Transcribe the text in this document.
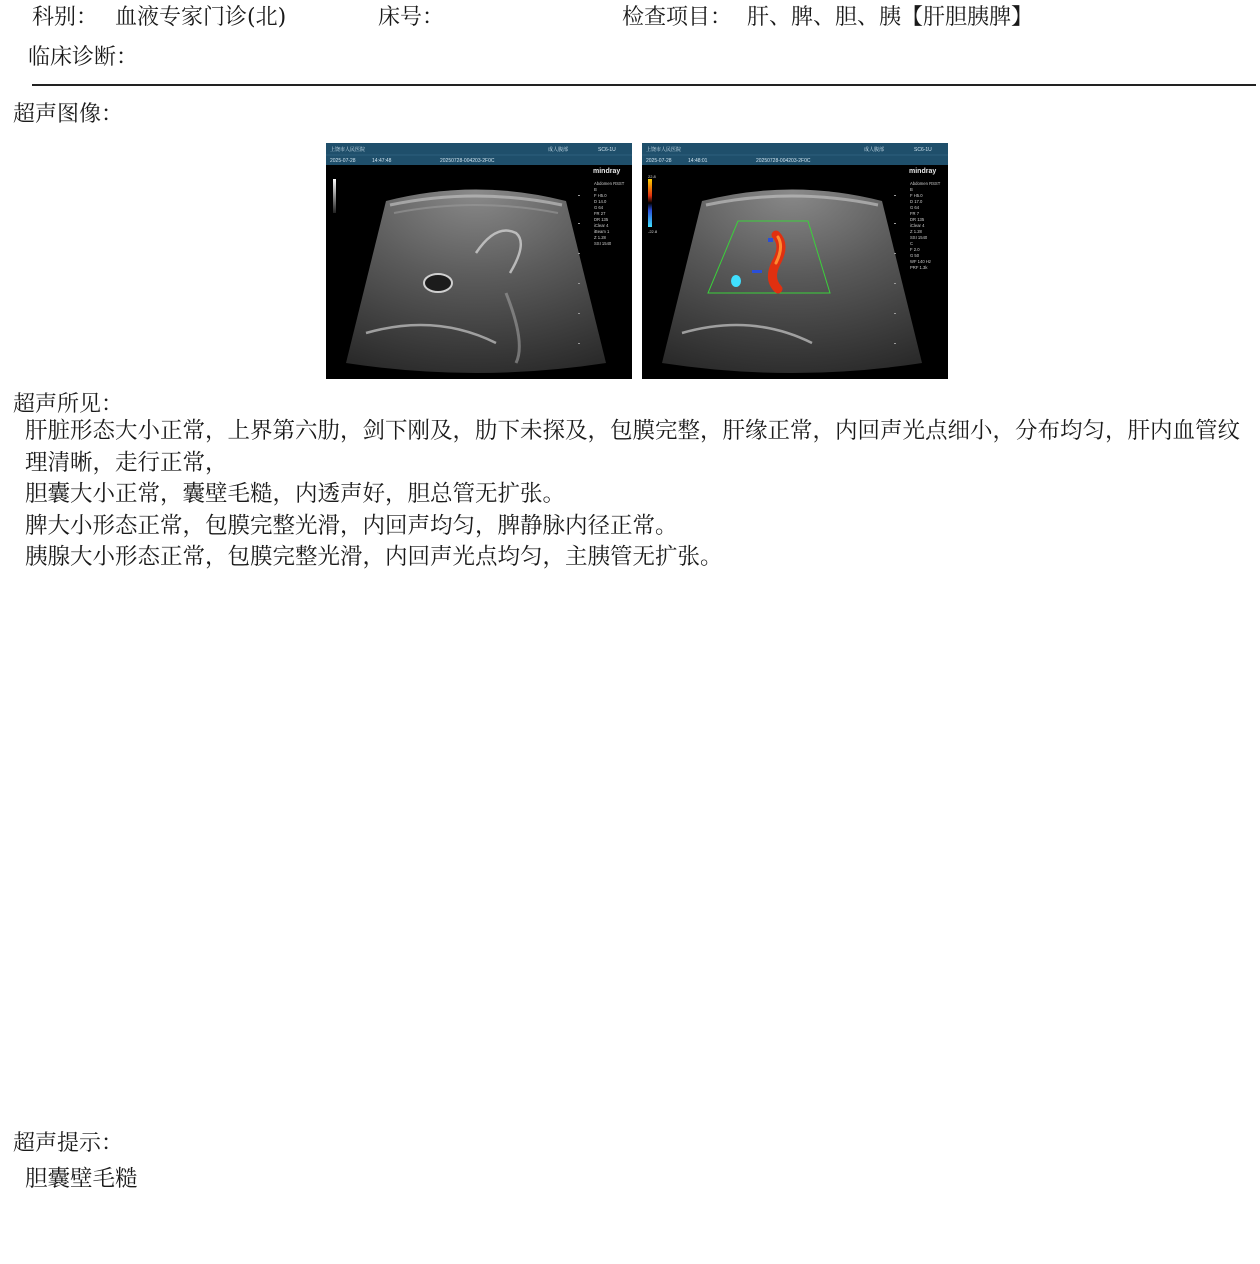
科别： 血液专家门诊(北)	床号：	检查项目： 肝、脾、胆、胰【肝胆胰脾】
临床诊断：
超声图像：
上饶市人民医院
2025-07-28	14:47:48	20250728-004203-2F0C
成人腹部	SC6-1U
mindray
Abdomen RSST B F H5.0 D 14.0 G 64 FR 27 DR 135 iClear 4 iBeam 1 Z 1.28 SSI 1540
上饶市人民医院
2025-07-28	14:48:01	20250728-004203-2F0C
成人腹部	SC6-1U
mindray
22.8
-22.8
Abdomen RSST B F H5.0 D 17.0 G 64 FR 7 DR 135 iClear 4 Z 1.28 SSI 1540 C F 2.0 G 50 WF 140 Hz PRF 1.3k
超声所见：

肝脏形态大小正常，上界第六肋，剑下刚及，肋下未探及，包膜完整，肝缘正常，内回声光点细小，分布均匀，肝内血管纹理清晰，走行正常，

胆囊大小正常，囊壁毛糙，内透声好，胆总管无扩张。

脾大小形态正常，包膜完整光滑，内回声均匀，脾静脉内径正常。

胰腺大小形态正常，包膜完整光滑，内回声光点均匀，主胰管无扩张。

超声提示：
胆囊壁毛糙
